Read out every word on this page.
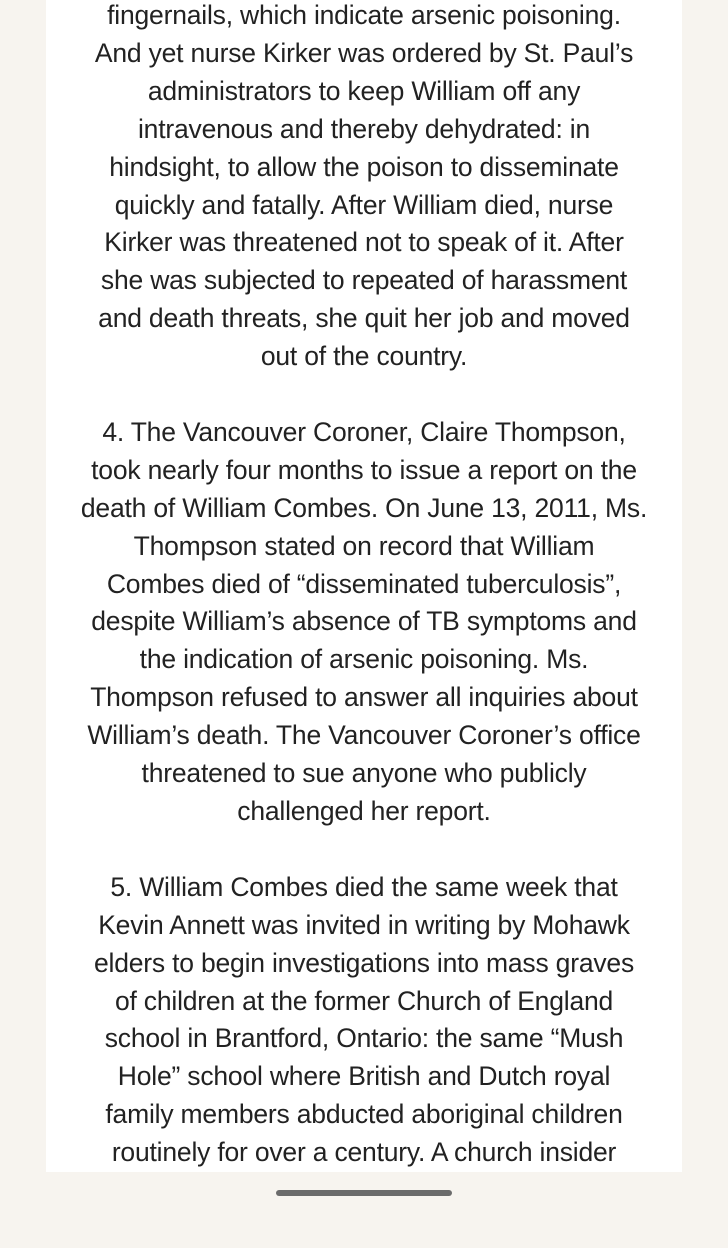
fingernails, which indicate arsenic poisoning.
And yet nurse Kirker was ordered by St. Paul’s
administrators to keep William off any
intravenous and thereby dehydrated: in
hindsight, to allow the poison to disseminate
quickly and fatally. After William died, nurse
Kirker was threatened not to speak of it. After
she was subjected to repeated of harassment
and death threats, she quit her job and moved
out of the country.
4. The Vancouver Coroner, Claire Thompson,
took nearly four months to issue a report on the
death of William Combes. On June 13, 2011, Ms.
Thompson stated on record that William
Combes died of “disseminated tuberculosis”,
despite William’s absence of TB symptoms and
the indication of arsenic poisoning. Ms.
Thompson refused to answer all inquiries about
William’s death. The Vancouver Coroner’s office
threatened to sue anyone who publicly
challenged her report.
5. William Combes died the same week that
Kevin Annett was invited in writing by Mohawk
elders to begin investigations into mass graves
of children at the former Church of England
school in Brantford, Ontario: the same “Mush
Hole” school where British and Dutch royal
family members abducted aboriginal children
routinely for over a century. A church insider
